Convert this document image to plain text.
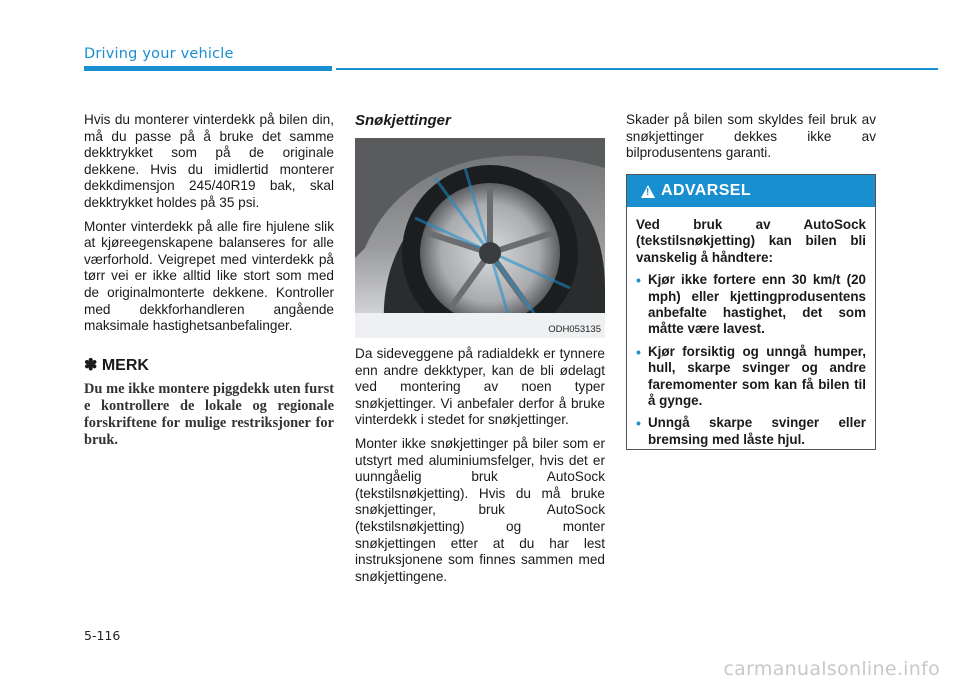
Driving your vehicle

Hvis du monterer vinterdekk på bilen din, må du passe på å bruke det samme dekktrykket som på de originale dekkene. Hvis du imidlertid monterer dekkdimensjon 245/40R19 bak, skal dekktrykket holdes på 35 psi.

Monter vinterdekk på alle fire hjulene slik at kjøreegenskapene balanseres for alle værforhold. Veigrepet med vinterdekk på tørr vei er ikke alltid like stort som med de originalmonterte dekkene. Kontroller med dekkforhandleren angående maksimale hastighetsanbefalinger.

✽ MERK

Du me ikke montere piggdekk uten furst e kontrollere de lokale og regionale forskriftene for mulige restriksjoner for bruk.

Snøkjettinger
ODH053135

Da sideveggene på radialdekk er tynnere enn andre dekktyper, kan de bli ødelagt ved montering av noen typer snøkjettinger. Vi anbefaler derfor å bruke vinterdekk i stedet for snøkjettinger.

Monter ikke snøkjettinger på biler som er utstyrt med aluminiumsfelger, hvis det er uunngåelig bruk AutoSock (tekstilsnøkjetting). Hvis du må bruke snøkjettinger, bruk AutoSock (tekstilsnøkjetting) og monter snøkjettingen etter at du har lest instruksjonene som finnes sammen med snøkjettingene.

Skader på bilen som skyldes feil bruk av snøkjettinger dekkes ikke av bilprodusentens garanti.

!
ADVARSEL

Ved bruk av AutoSock (tekstilsnøkjetting) kan bilen bli vanskelig å håndtere:

• Kjør ikke fortere enn 30 km/t (20 mph) eller kjettingprodusentens anbefalte hastighet, det som måtte være lavest.
• Kjør forsiktig og unngå humper, hull, skarpe svinger og andre faremomenter som kan få bilen til å gynge.
• Unngå skarpe svinger eller bremsing med låste hjul.
5-116
carmanualsonline.info
